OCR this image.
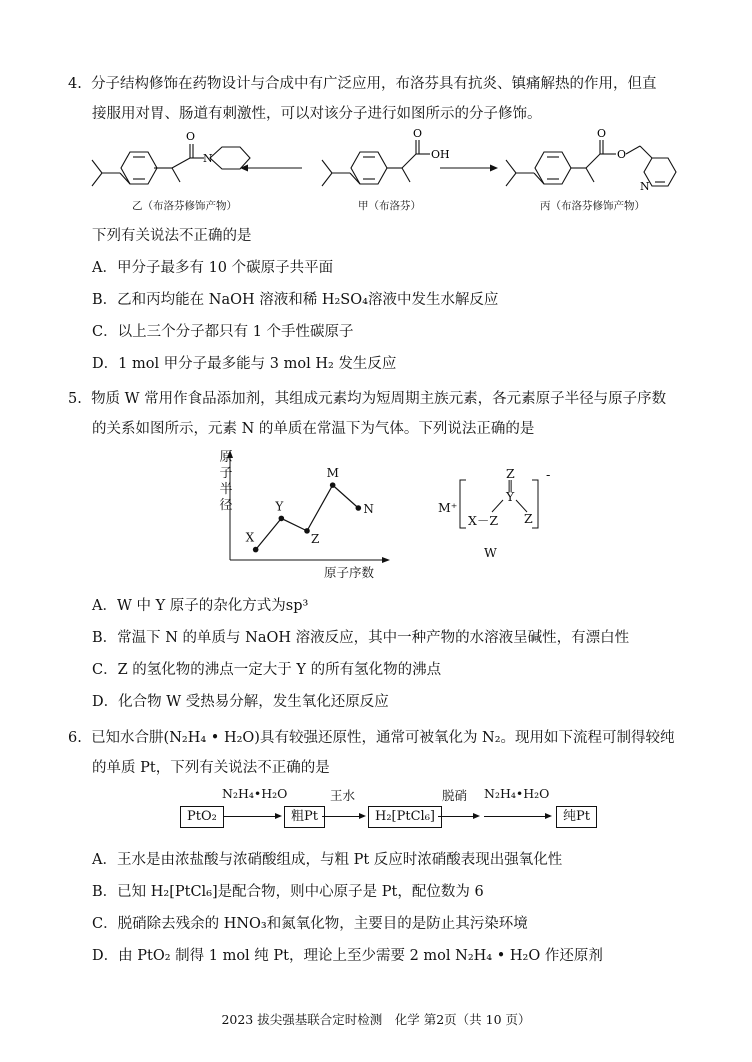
4. 分子结构修饰在药物设计与合成中有广泛应用，布洛芬具有抗炎、镇痛解热的作用，但直
接服用对胃、肠道有刺激性，可以对该分子进行如图所示的分子修饰。
O
N
O
OH
O
O
N
乙（布洛芬修饰产物）	甲（布洛芬）	丙（布洛芬修饰产物）
下列有关说法不正确的是
A．甲分子最多有 10 个碳原子共平面
B．乙和丙均能在 NaOH 溶液和稀 H₂SO₄溶液中发生水解反应
C．以上三个分子都只有 1 个手性碳原子
D．1 mol 甲分子最多能与 3 mol H₂ 发生反应
5. 物质 W 常用作食品添加剂，其组成元素均为短周期主族元素，各元素原子半径与原子序数
的关系如图所示，元素 N 的单质在常温下为气体。下列说法正确的是
X
Y
Z
M
N
原
子
半
径
原子序数
M⁺
-
Z
‖
Y
X－Z Z
W
A．W 中 Y 原子的杂化方式为sp³
B．常温下 N 的单质与 NaOH 溶液反应，其中一种产物的水溶液呈碱性，有漂白性
C．Z 的氢化物的沸点一定大于 Y 的所有氢化物的沸点
D．化合物 W 受热易分解，发生氧化还原反应
6. 已知水合肼(N₂H₄ • H₂O)具有较强还原性，通常可被氧化为 N₂。现用如下流程可制得较纯
的单质 Pt，下列有关说法不正确的是
PtO₂
N₂H₄•H₂O
粗Pt
王水
H₂[PtCl₆]
脱硝 N₂H₄•H₂O
纯Pt
A．王水是由浓盐酸与浓硝酸组成，与粗 Pt 反应时浓硝酸表现出强氧化性
B．已知 H₂[PtCl₆]是配合物，则中心原子是 Pt，配位数为 6
C．脱硝除去残余的 HNO₃和氮氧化物，主要目的是防止其污染环境
D．由 PtO₂ 制得 1 mol 纯 Pt，理论上至少需要 2 mol N₂H₄ • H₂O 作还原剂
2023 拔尖强基联合定时检测　化学 第2页（共 10 页）
